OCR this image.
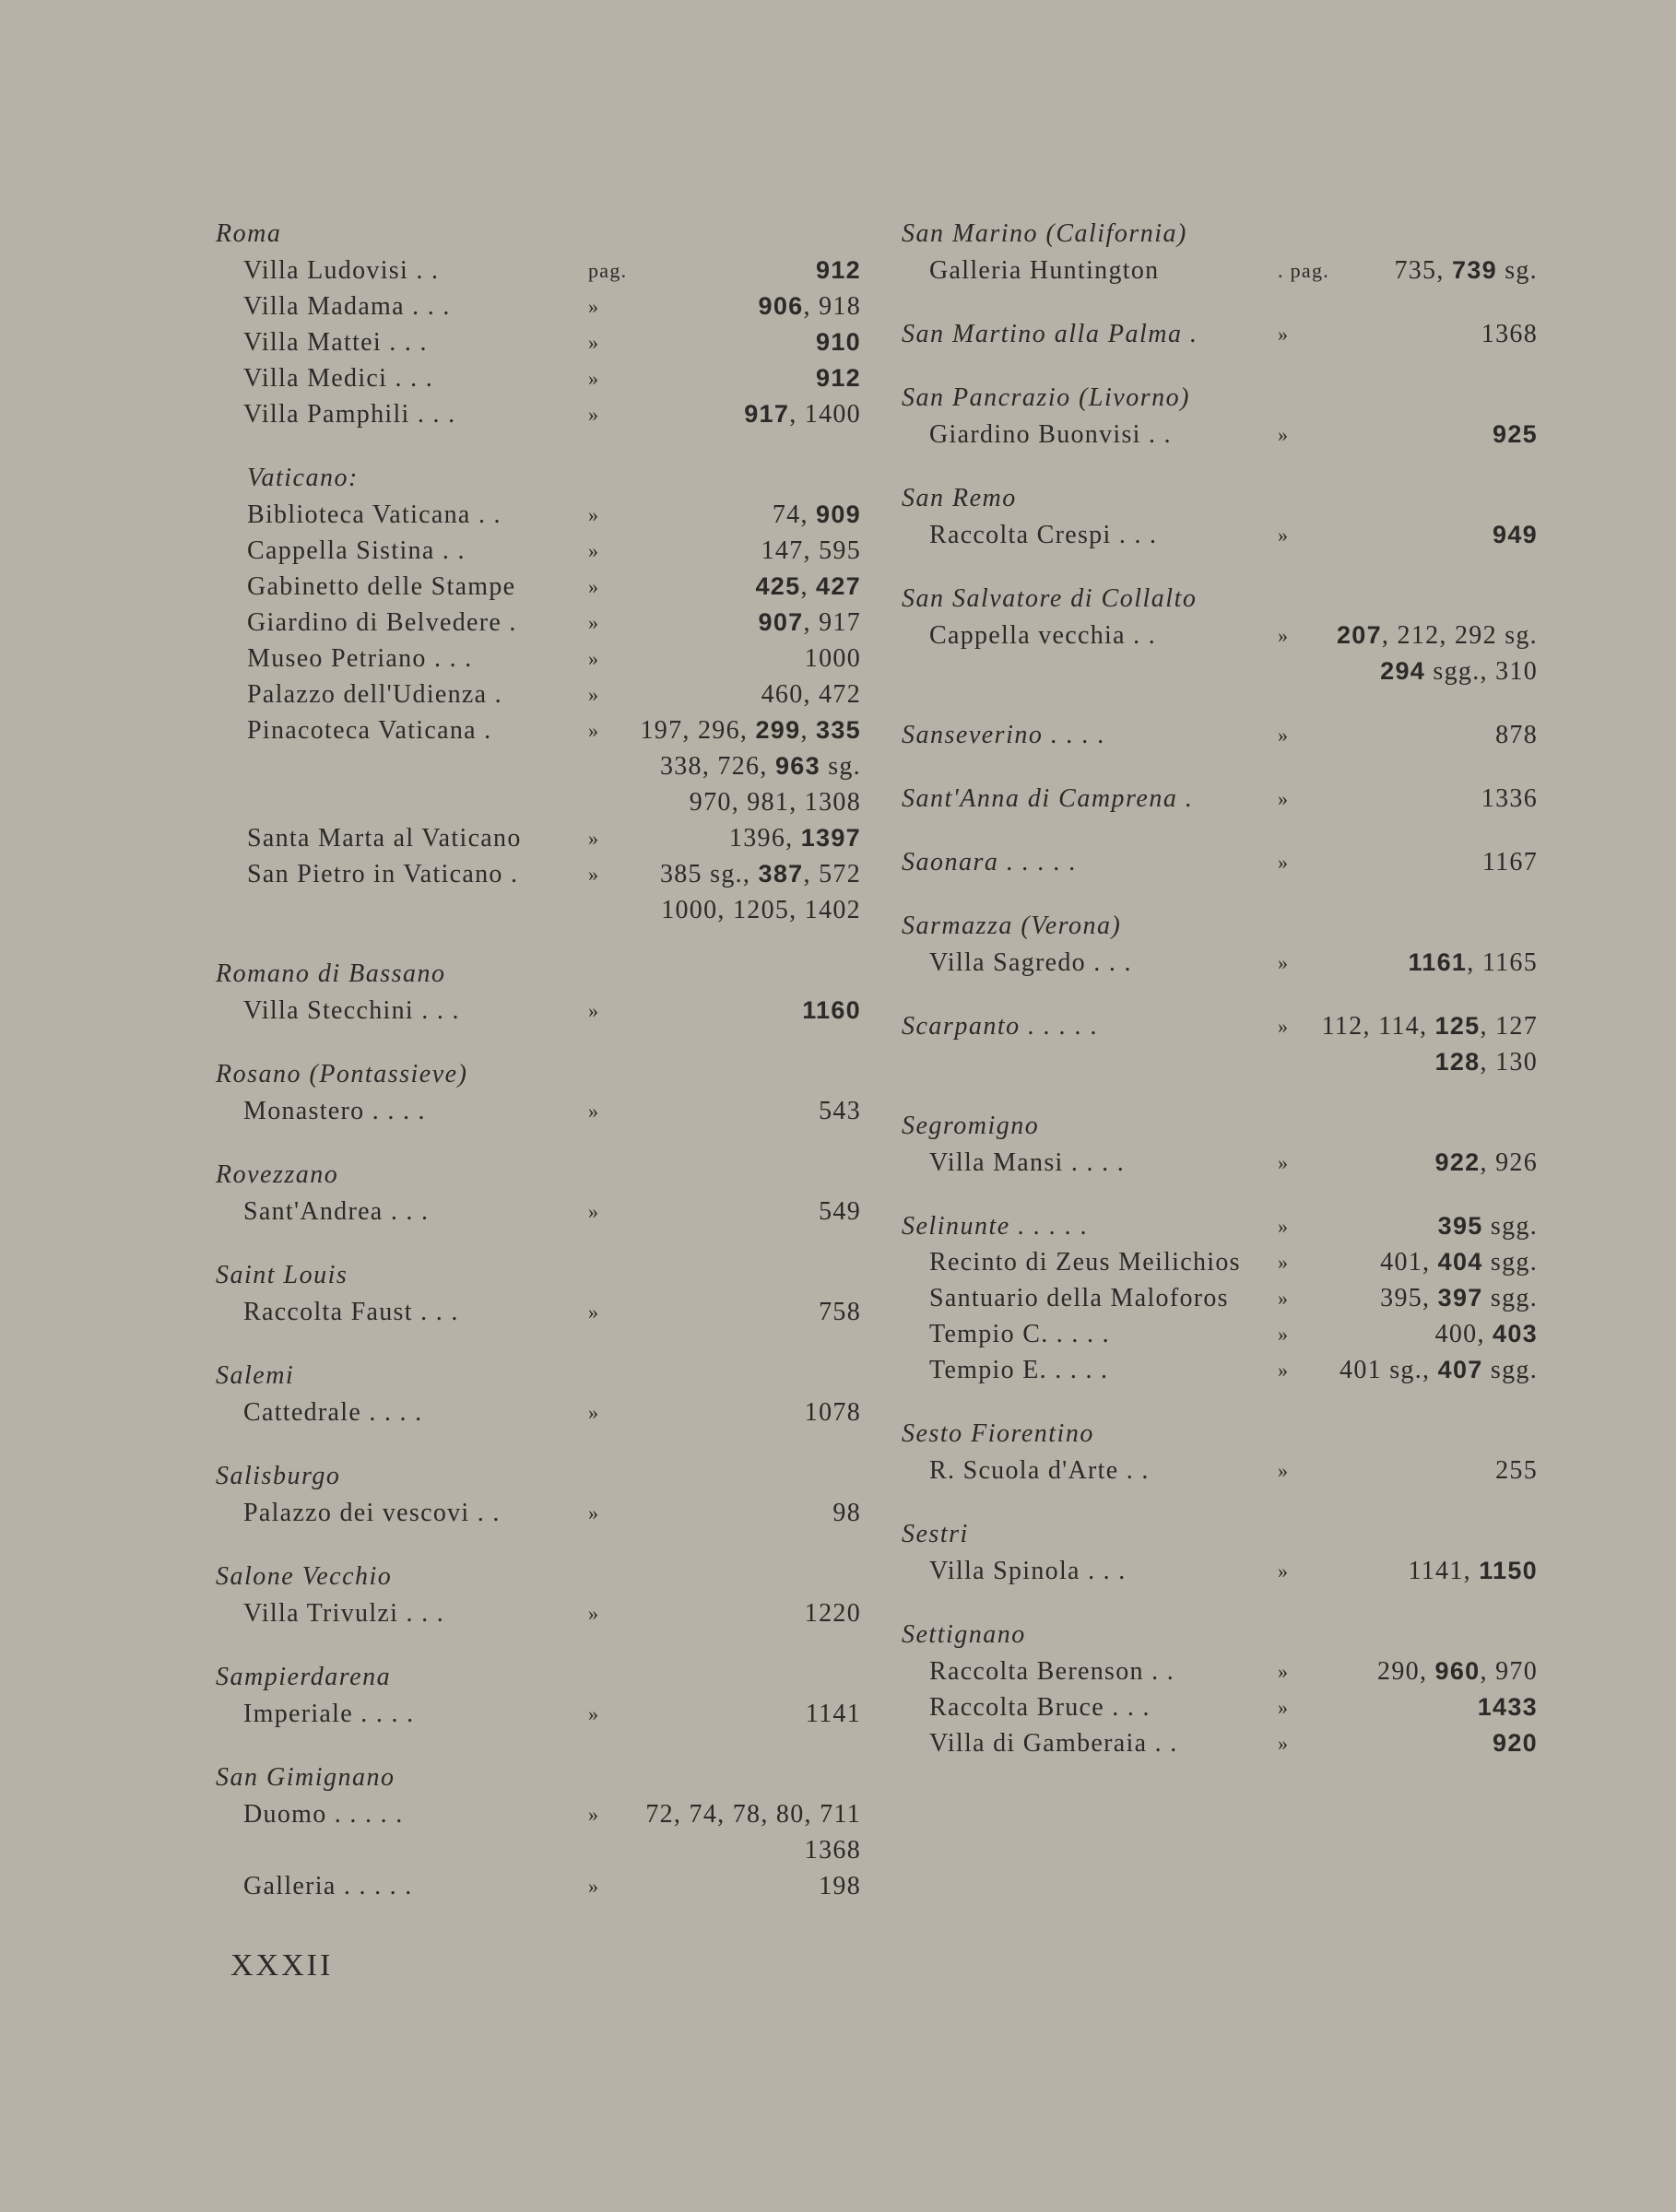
Roma
Villa Ludovisi . .	pag.	912
Villa Madama . . .	»	906, 918
Villa Mattei . . .	»	910
Villa Medici . . .	»	912
Villa Pamphili . . .	»	917, 1400
Vaticano:
Biblioteca Vaticana . .	»	74, 909
Cappella Sistina . .	»	147, 595
Gabinetto delle Stampe	»	425, 427
Giardino di Belvedere .	»	907, 917
Museo Petriano . . .	»	1000
Palazzo dell'Udienza .	»	460, 472
Pinacoteca Vaticana .	»	197, 296, 299, 335
338, 726, 963 sg.
970, 981, 1308
Santa Marta al Vaticano	»	1396, 1397
San Pietro in Vaticano .	»	385 sg., 387, 572
1000, 1205, 1402
Romano di Bassano
Villa Stecchini . . .	»	1160
Rosano (Pontassieve)
Monastero . . . .	»	543
Rovezzano
Sant'Andrea . . .	»	549
Saint Louis
Raccolta Faust . . .	»	758
Salemi
Cattedrale . . . .	»	1078
Salisburgo
Palazzo dei vescovi . .	»	98
Salone Vecchio
Villa Trivulzi . . .	»	1220
Sampierdarena
Imperiale . . . .	»	1141
San Gimignano
Duomo . . . . .	»	72, 74, 78, 80, 711
1368
Galleria . . . . .	»	198
San Marino (California)
Galleria Huntington	. pag.	735, 739 sg.
San Martino alla Palma .	»	1368
San Pancrazio (Livorno)
Giardino Buonvisi . .	»	925
San Remo
Raccolta Crespi . . .	»	949
San Salvatore di Collalto
Cappella vecchia . .	»	207, 212, 292 sg.
294 sgg., 310
Sanseverino . . . .	»	878
Sant'Anna di Camprena .	»	1336
Saonara . . . . .	»	1167
Sarmazza (Verona)
Villa Sagredo . . .	»	1161, 1165
Scarpanto . . . . .	»	112, 114, 125, 127
128, 130
Segromigno
Villa Mansi . . . .	»	922, 926
Selinunte . . . . .	»	395 sgg.
Recinto di Zeus Meilichios »	401, 404 sgg.
Santuario della Maloforos »	395, 397 sgg.
Tempio C. . . . .	»	400, 403
Tempio E. . . . .	»	401 sg., 407 sgg.
Sesto Fiorentino
R. Scuola d'Arte . .	»	255
Sestri
Villa Spinola . . .	»	1141, 1150
Settignano
Raccolta Berenson . .	»	290, 960, 970
Raccolta Bruce . . .	»	1433
Villa di Gamberaia . .	»	920
XXXII
